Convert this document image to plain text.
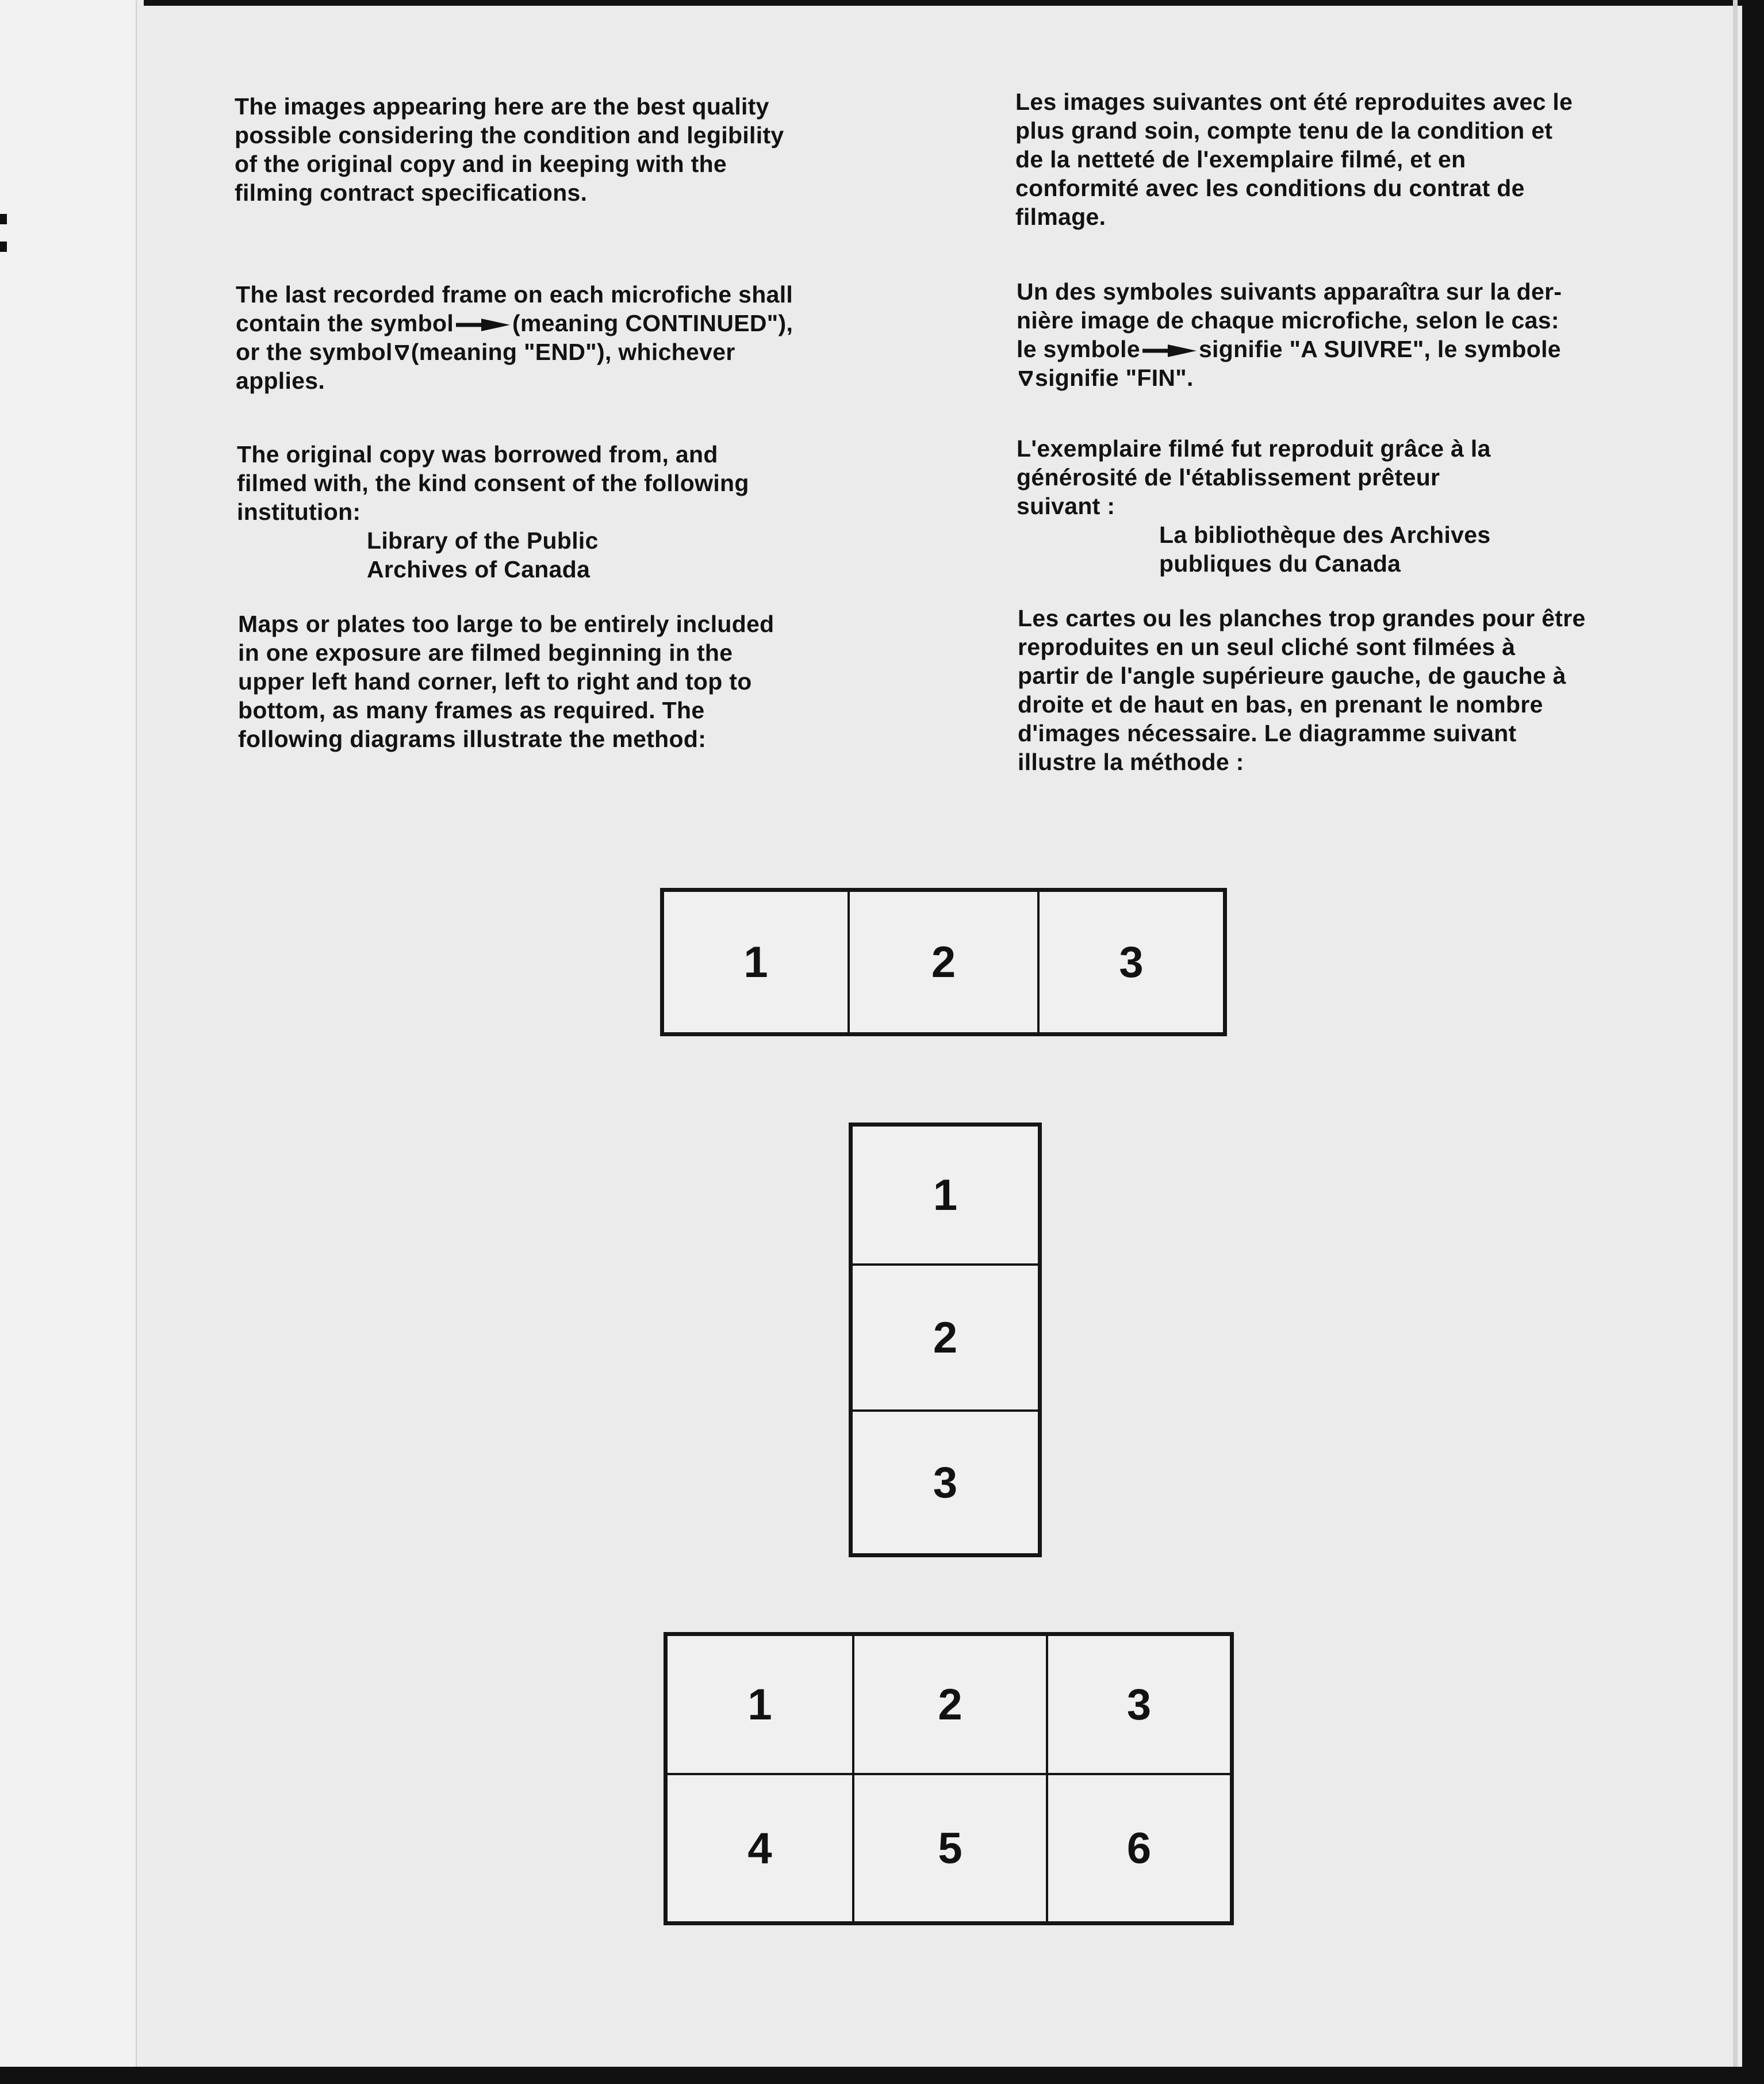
The images appearing here are the best quality
possible considering the condition and legibility
of the original copy and in keeping with the
filming contract specifications.

The last recorded frame on each microfiche shall
contain the symbol (meaning CONTINUED"),
or the symbol (meaning "END"), whichever
applies.

The original copy was borrowed from, and
filmed with, the kind consent of the following
institution:

Library of the Public
Archives of Canada

Maps or plates too large to be entirely included
in one exposure are filmed beginning in the
upper left hand corner, left to right and top to
bottom, as many frames as required. The
following diagrams illustrate the method:

Les images suivantes ont été reproduites avec le
plus grand soin, compte tenu de la condition et
de la netteté de l'exemplaire filmé, et en
conformité avec les conditions du contrat de
filmage.

Un des symboles suivants apparaîtra sur la der-
nière image de chaque microfiche, selon le cas:
le symbole signifie "A SUIVRE", le symbole
signifie "FIN".

L'exemplaire filmé fut reproduit grâce à la
générosité de l'établissement prêteur
suivant :

La bibliothèque des Archives
publiques du Canada

Les cartes ou les planches trop grandes pour être
reproduites en un seul cliché sont filmées à
partir de l'angle supérieure gauche, de gauche à
droite et de haut en bas, en prenant le nombre
d'images nécessaire. Le diagramme suivant
illustre la méthode :

1	2	3
1
2
3
1	2	3
4	5	6
